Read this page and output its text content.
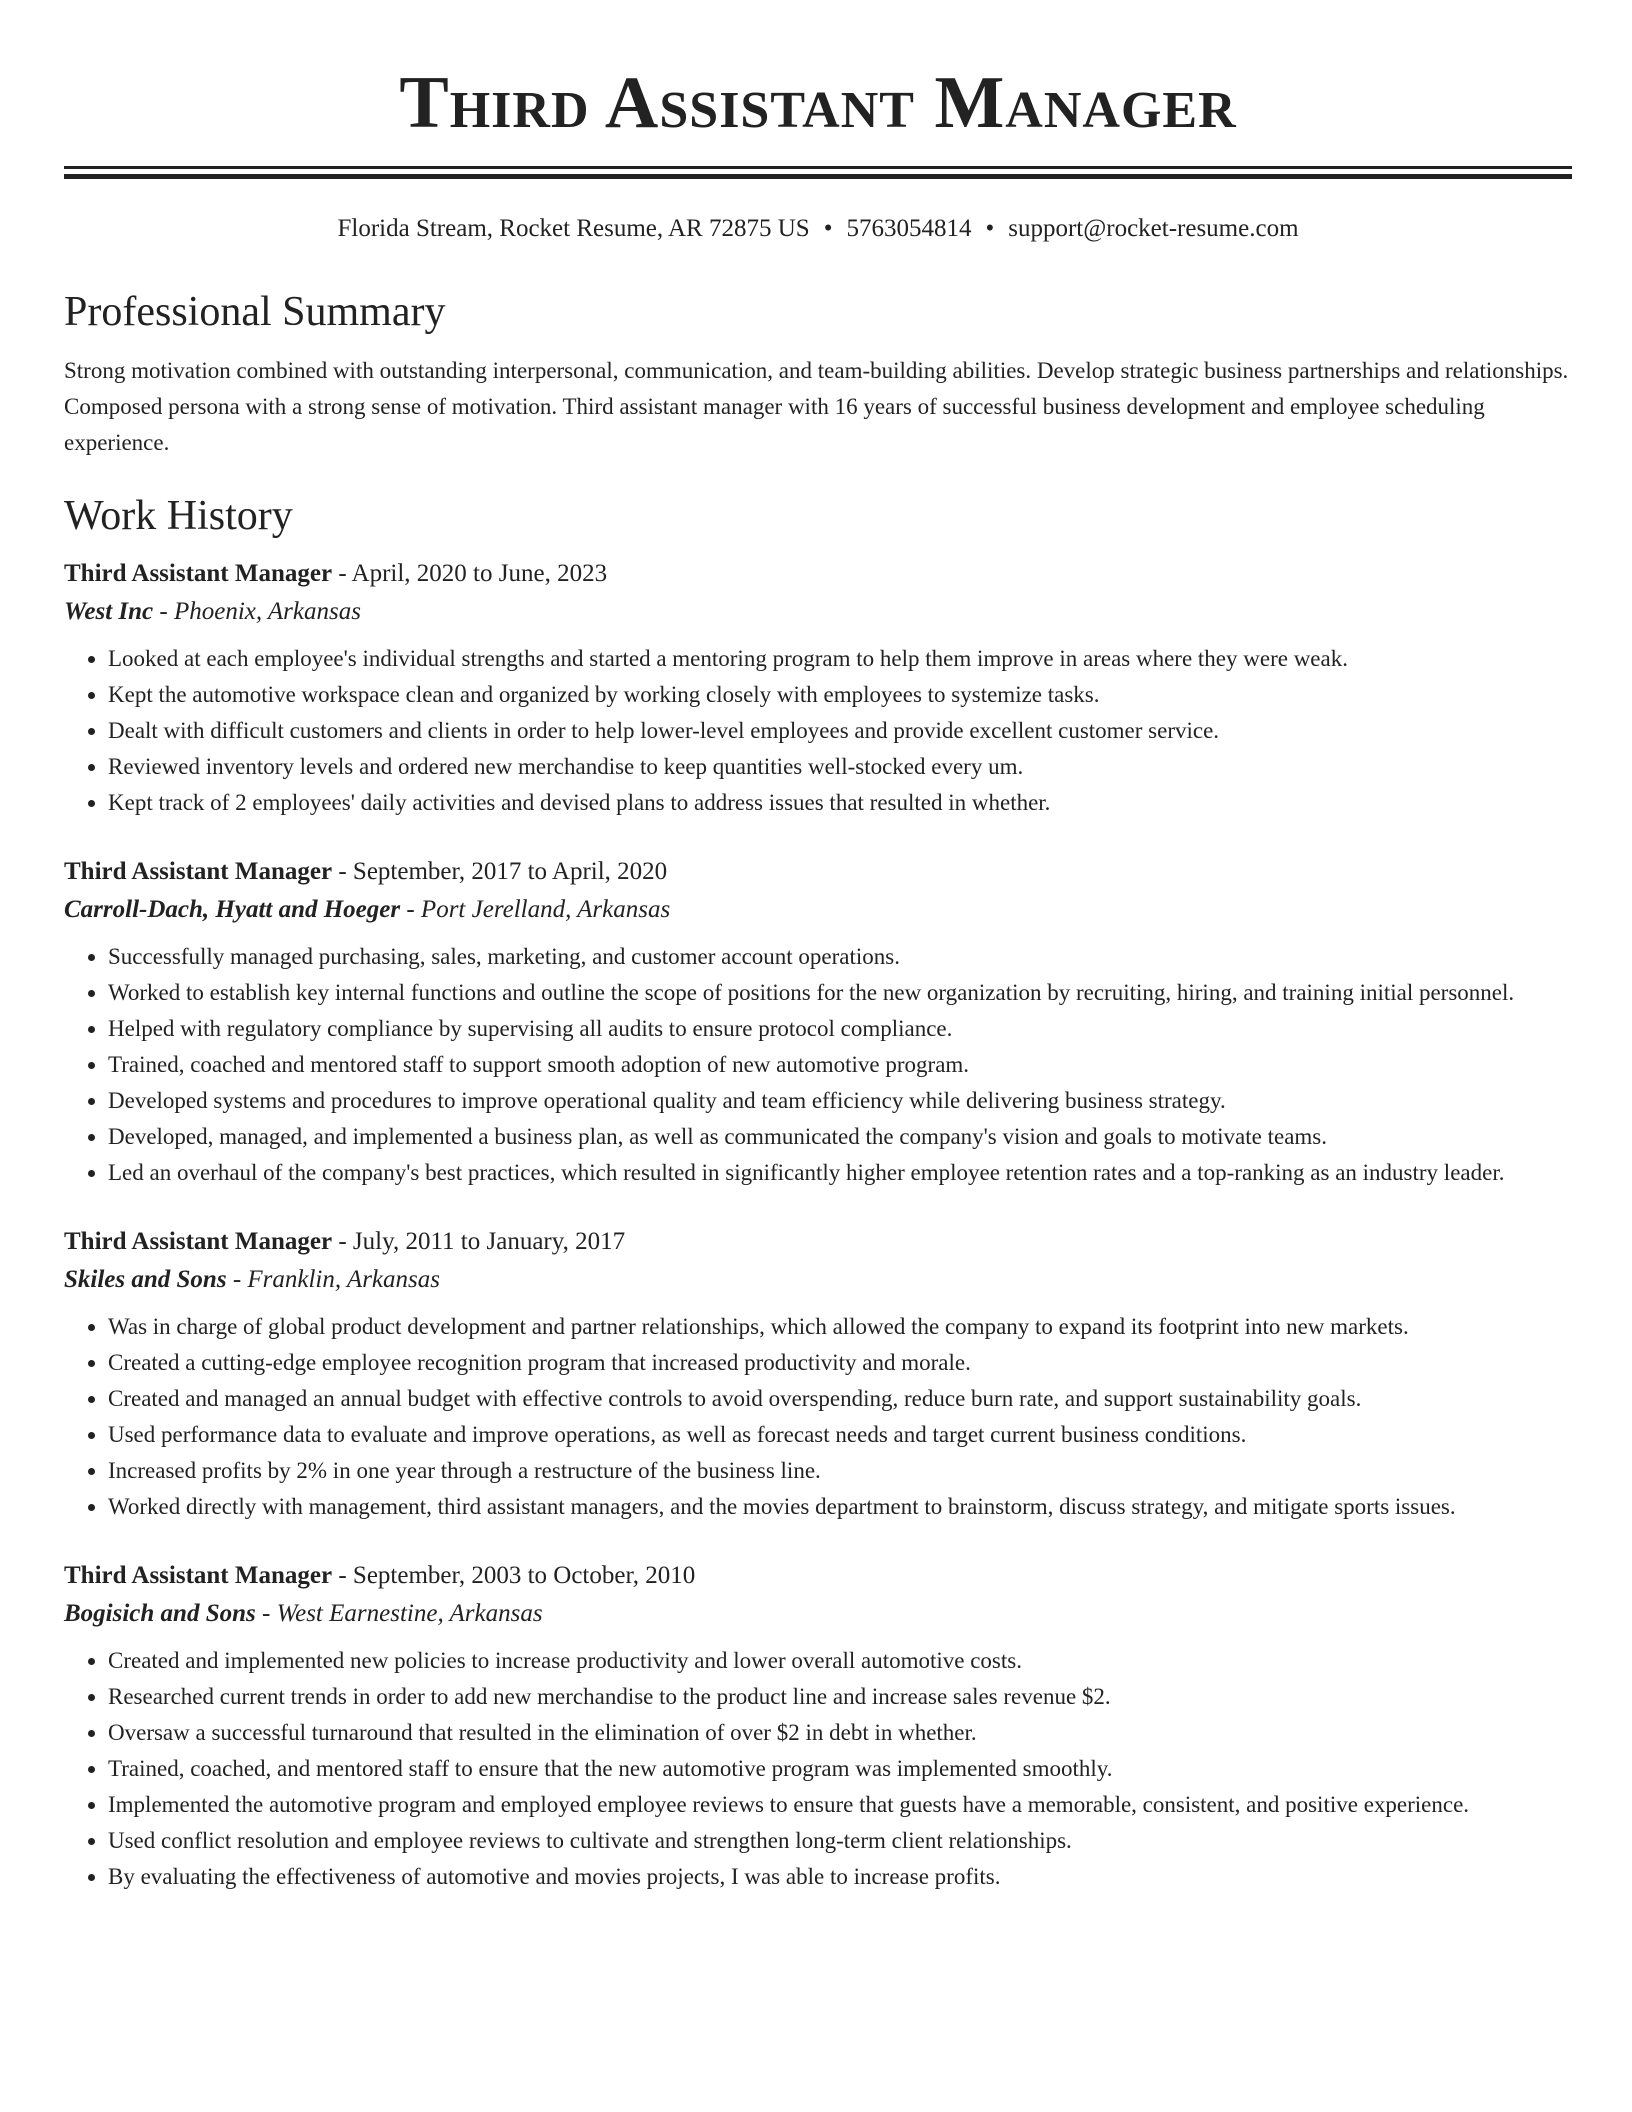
Third Assistant Manager
Florida Stream, Rocket Resume, AR 72875 US • 5763054814 • support@rocket-resume.com
Professional Summary
Strong motivation combined with outstanding interpersonal, communication, and team-building abilities. Develop strategic business partnerships and relationships. Composed persona with a strong sense of motivation. Third assistant manager with 16 years of successful business development and employee scheduling experience.
Work History
Third Assistant Manager - April, 2020 to June, 2023
West Inc - Phoenix, Arkansas
• Looked at each employee's individual strengths and started a mentoring program to help them improve in areas where they were weak.
• Kept the automotive workspace clean and organized by working closely with employees to systemize tasks.
• Dealt with difficult customers and clients in order to help lower-level employees and provide excellent customer service.
• Reviewed inventory levels and ordered new merchandise to keep quantities well-stocked every um.
• Kept track of 2 employees' daily activities and devised plans to address issues that resulted in whether.
Third Assistant Manager - September, 2017 to April, 2020
Carroll-Dach, Hyatt and Hoeger - Port Jerelland, Arkansas
• Successfully managed purchasing, sales, marketing, and customer account operations.
• Worked to establish key internal functions and outline the scope of positions for the new organization by recruiting, hiring, and training initial personnel.
• Helped with regulatory compliance by supervising all audits to ensure protocol compliance.
• Trained, coached and mentored staff to support smooth adoption of new automotive program.
• Developed systems and procedures to improve operational quality and team efficiency while delivering business strategy.
• Developed, managed, and implemented a business plan, as well as communicated the company's vision and goals to motivate teams.
• Led an overhaul of the company's best practices, which resulted in significantly higher employee retention rates and a top-ranking as an industry leader.
Third Assistant Manager - July, 2011 to January, 2017
Skiles and Sons - Franklin, Arkansas
• Was in charge of global product development and partner relationships, which allowed the company to expand its footprint into new markets.
• Created a cutting-edge employee recognition program that increased productivity and morale.
• Created and managed an annual budget with effective controls to avoid overspending, reduce burn rate, and support sustainability goals.
• Used performance data to evaluate and improve operations, as well as forecast needs and target current business conditions.
• Increased profits by 2% in one year through a restructure of the business line.
• Worked directly with management, third assistant managers, and the movies department to brainstorm, discuss strategy, and mitigate sports issues.
Third Assistant Manager - September, 2003 to October, 2010
Bogisich and Sons - West Earnestine, Arkansas
• Created and implemented new policies to increase productivity and lower overall automotive costs.
• Researched current trends in order to add new merchandise to the product line and increase sales revenue $2.
• Oversaw a successful turnaround that resulted in the elimination of over $2 in debt in whether.
• Trained, coached, and mentored staff to ensure that the new automotive program was implemented smoothly.
• Implemented the automotive program and employed employee reviews to ensure that guests have a memorable, consistent, and positive experience.
• Used conflict resolution and employee reviews to cultivate and strengthen long-term client relationships.
• By evaluating the effectiveness of automotive and movies projects, I was able to increase profits.
